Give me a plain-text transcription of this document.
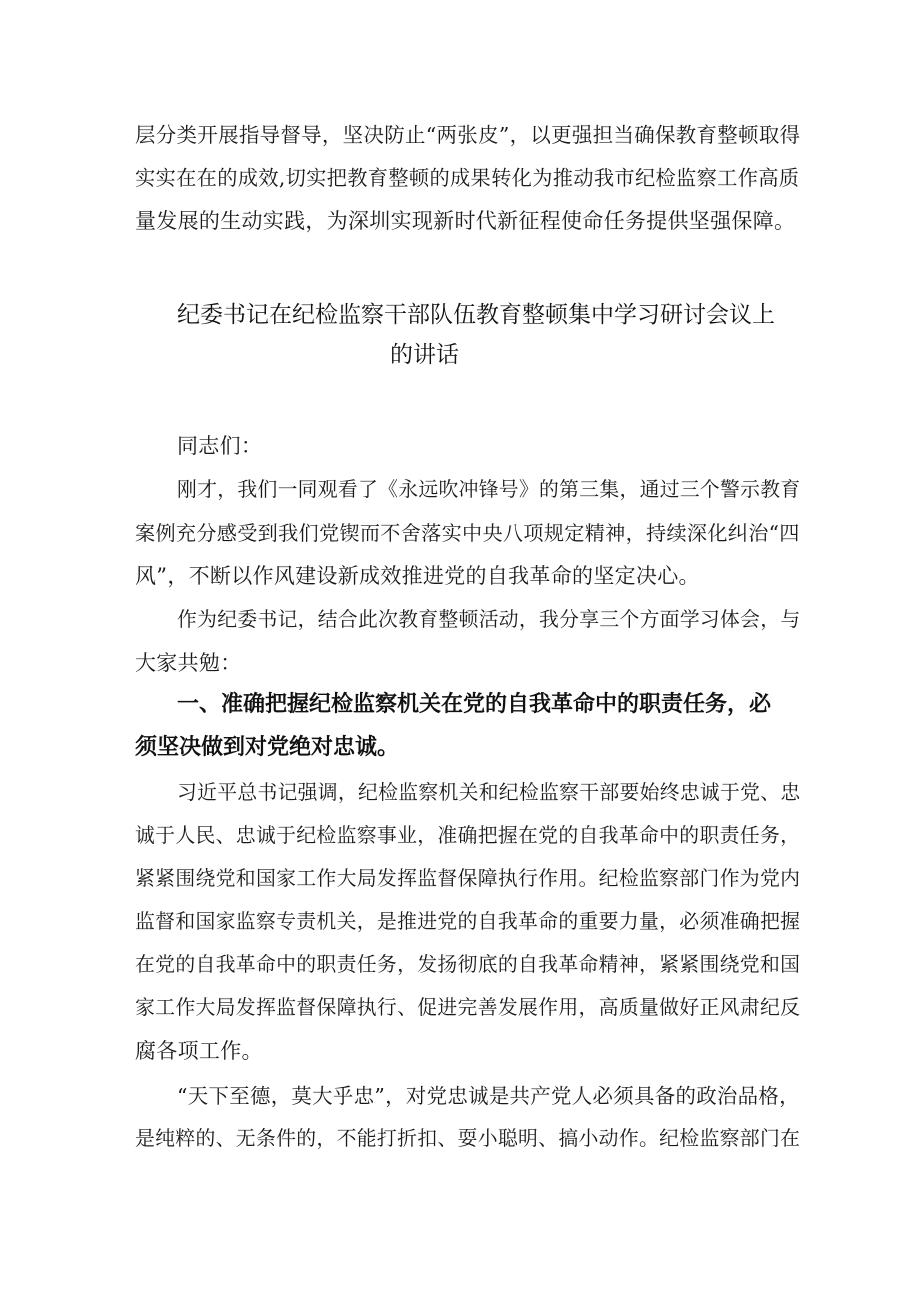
层分类开展指导督导，坚决防止“两张皮”，以更强担当确保教育整顿取得
实实在在的成效,切实把教育整顿的成果转化为推动我市纪检监察工作高质
量发展的生动实践，为深圳实现新时代新征程使命任务提供坚强保障。
纪委书记在纪检监察干部队伍教育整顿集中学习研讨会议上
的讲话
同志们：
刚才，我们一同观看了《永远吹冲锋号》的第三集，通过三个警示教育
案例充分感受到我们党锲而不舍落实中央八项规定精神，持续深化纠治“四
风”，不断以作风建设新成效推进党的自我革命的坚定决心。
作为纪委书记，结合此次教育整顿活动，我分享三个方面学习体会，与
大家共勉：
一、准确把握纪检监察机关在党的自我革命中的职责任务，必
须坚决做到对党绝对忠诚。
习近平总书记强调，纪检监察机关和纪检监察干部要始终忠诚于党、忠
诚于人民、忠诚于纪检监察事业，准确把握在党的自我革命中的职责任务，
紧紧围绕党和国家工作大局发挥监督保障执行作用。纪检监察部门作为党内
监督和国家监察专责机关，是推进党的自我革命的重要力量，必须准确把握
在党的自我革命中的职责任务，发扬彻底的自我革命精神，紧紧围绕党和国
家工作大局发挥监督保障执行、促进完善发展作用，高质量做好正风肃纪反
腐各项工作。
“天下至德，莫大乎忠”，对党忠诚是共产党人必须具备的政治品格，
是纯粹的、无条件的，不能打折扣、耍小聪明、搞小动作。纪检监察部门在
